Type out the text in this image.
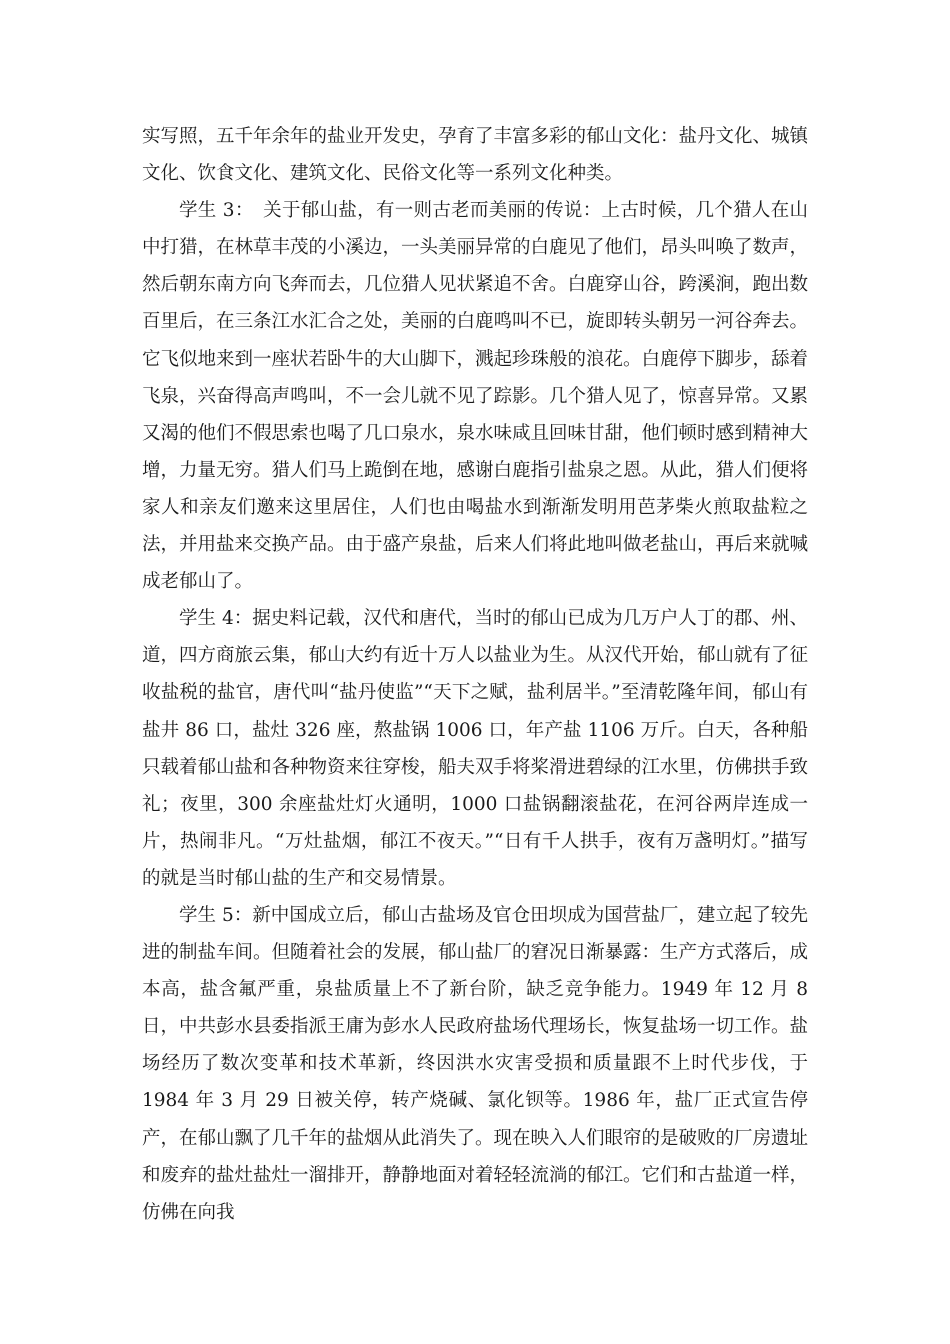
实写照，五千年余年的盐业开发史，孕育了丰富多彩的郁山文化：盐丹文化、城镇文化、饮食文化、建筑文化、民俗文化等一系列文化种类。

学生 3：　关于郁山盐，有一则古老而美丽的传说：上古时候，几个猎人在山中打猎，在林草丰茂的小溪边，一头美丽异常的白鹿见了他们，昂头叫唤了数声，然后朝东南方向飞奔而去，几位猎人见状紧追不舍。白鹿穿山谷，跨溪涧，跑出数百里后，在三条江水汇合之处，美丽的白鹿鸣叫不已，旋即转头朝另一河谷奔去。它飞似地来到一座状若卧牛的大山脚下，溅起珍珠般的浪花。白鹿停下脚步，舔着飞泉，兴奋得高声鸣叫，不一会儿就不见了踪影。几个猎人见了，惊喜异常。又累又渴的他们不假思索也喝了几口泉水，泉水味咸且回味甘甜，他们顿时感到精神大增，力量无穷。猎人们马上跪倒在地，感谢白鹿指引盐泉之恩。从此，猎人们便将家人和亲友们邀来这里居住，人们也由喝盐水到渐渐发明用芭茅柴火煎取盐粒之法，并用盐来交换产品。由于盛产泉盐，后来人们将此地叫做老盐山，再后来就喊成老郁山了。

学生 4：据史料记载，汉代和唐代，当时的郁山已成为几万户人丁的郡、州、道，四方商旅云集，郁山大约有近十万人以盐业为生。从汉代开始，郁山就有了征收盐税的盐官，唐代叫“盐丹使监”“天下之赋，盐利居半。”至清乾隆年间，郁山有盐井 86 口，盐灶 326 座，熬盐锅 1006 口，年产盐 1106 万斤。白天，各种船只载着郁山盐和各种物资来往穿梭，船夫双手将桨滑进碧绿的江水里，仿佛拱手致礼；夜里，300 余座盐灶灯火通明，1000 口盐锅翻滚盐花，在河谷两岸连成一片，热闹非凡。“万灶盐烟，郁江不夜天。”“日有千人拱手，夜有万盏明灯。”描写的就是当时郁山盐的生产和交易情景。

学生 5：新中国成立后，郁山古盐场及官仓田坝成为国营盐厂，建立起了较先进的制盐车间。但随着社会的发展，郁山盐厂的窘况日渐暴露：生产方式落后，成本高，盐含氟严重，泉盐质量上不了新台阶，缺乏竞争能力。1949 年 12 月 8 日，中共彭水县委指派王庸为彭水人民政府盐场代理场长，恢复盐场一切工作。盐场经历了数次变革和技术革新，终因洪水灾害受损和质量跟不上时代步伐，于 1984 年 3 月 29 日被关停，转产烧碱、氯化钡等。1986 年，盐厂正式宣告停产，在郁山飘了几千年的盐烟从此消失了。现在映入人们眼帘的是破败的厂房遗址和废弃的盐灶盐灶一溜排开，静静地面对着轻轻流淌的郁江。它们和古盐道一样，仿佛在向我
